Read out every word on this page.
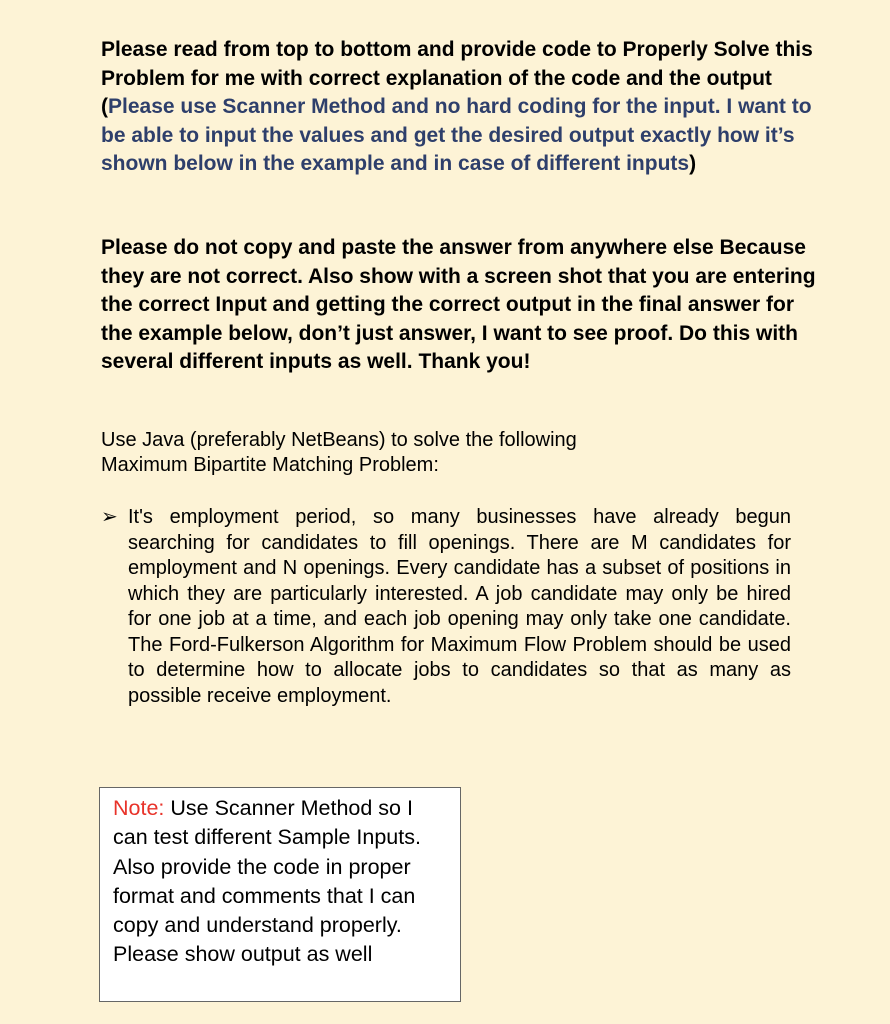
Please read from top to bottom and provide code to Properly Solve this Problem for me with correct explanation of the code and the output (Please use Scanner Method and no hard coding for the input. I want to be able to input the values and get the desired output exactly how it’s shown below in the example and in case of different inputs)

Please do not copy and paste the answer from anywhere else Because they are not correct. Also show with a screen shot that you are entering the correct Input and getting the correct output in the final answer for the example below, don’t just answer, I want to see proof. Do this with several different inputs as well. Thank you!

Use Java (preferably NetBeans) to solve the following
Maximum Bipartite Matching Problem:

➢ It's employment period, so many businesses have already begun searching for candidates to fill openings. There are M candidates for employment and N openings. Every candidate has a subset of positions in which they are particularly interested. A job candidate may only be hired for one job at a time, and each job opening may only take one candidate. The Ford-Fulkerson Algorithm for Maximum Flow Problem should be used to determine how to allocate jobs to candidates so that as many as possible receive employment.

Note: Use Scanner Method so I can test different Sample Inputs. Also provide the code in proper format and comments that I can copy and understand properly. Please show output as well
